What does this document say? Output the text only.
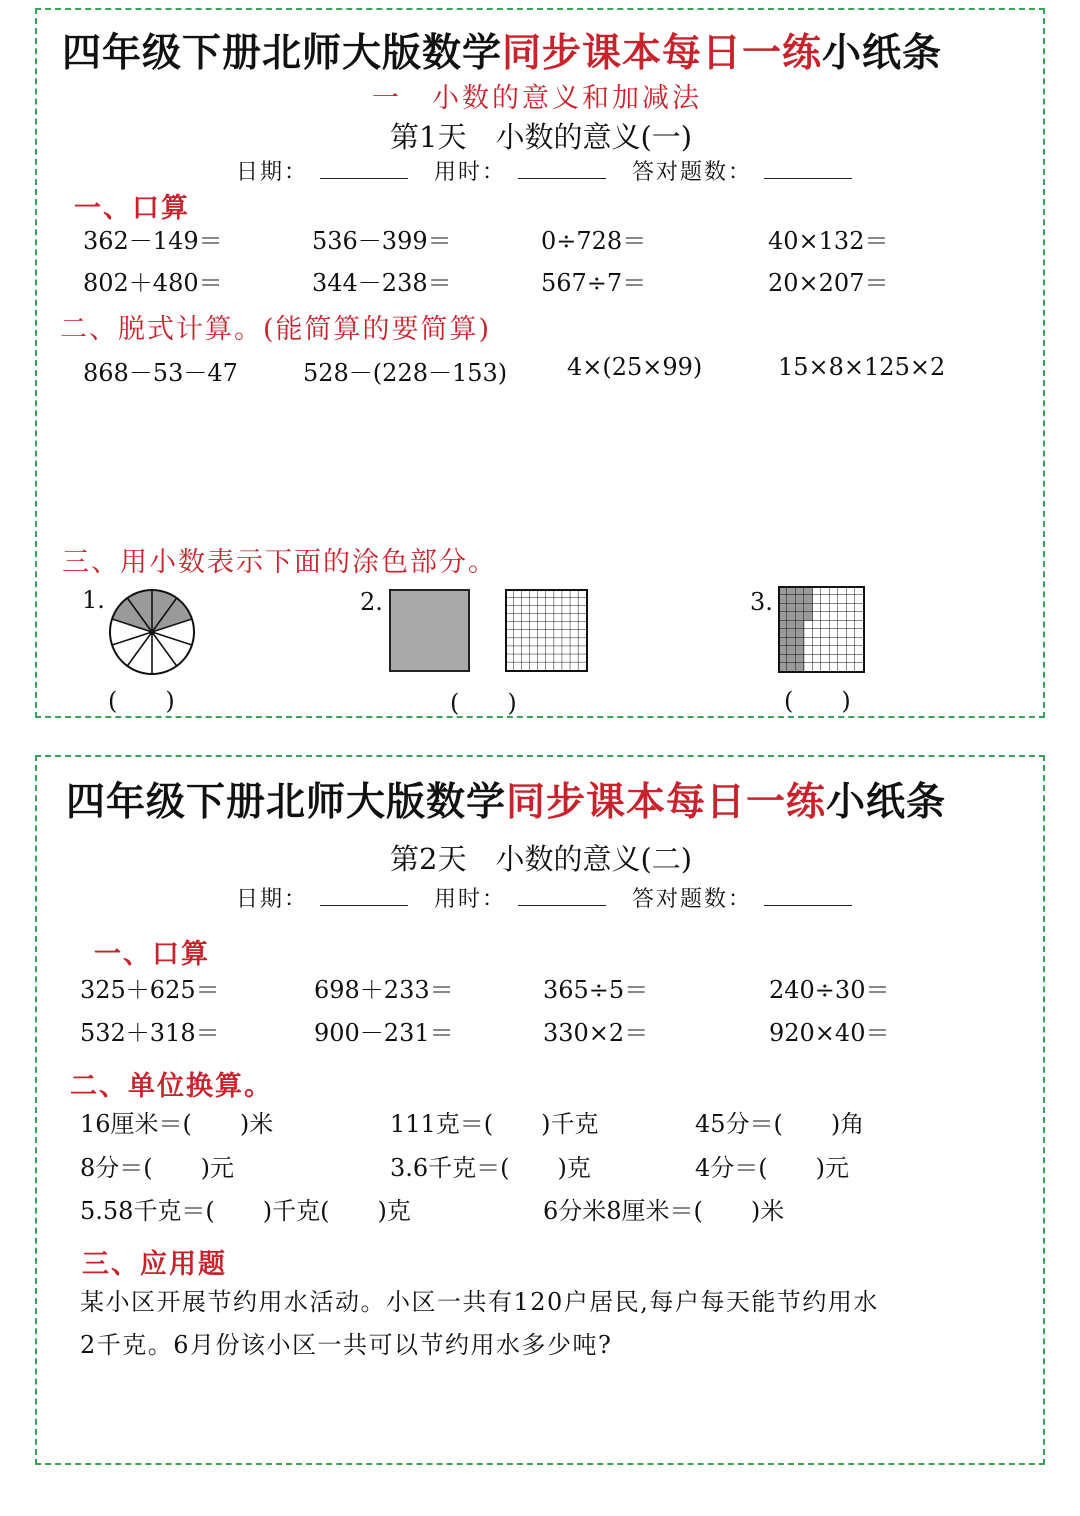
四年级下册北师大版数学同步课本每日一练小纸条
一　小数的意义和加减法
第1天　小数的意义(一)
日期：	用时：	答对题数：
一、口算
362－149＝	536－399＝	0÷728＝	40×132＝
802＋480＝	344－238＝	567÷7＝	20×207＝
二、脱式计算。(能简算的要简算)
868－53－47	528－(228－153) 4×(25×99)	15×8×125×2
三、用小数表示下面的涂色部分。
1.
(　　)
2.
(　　)
3.
(　　)
四年级下册北师大版数学同步课本每日一练小纸条
第2天　小数的意义(二)
日期：	用时：	答对题数：
一、口算
325＋625＝	698＋233＝	365÷5＝	240÷30＝
532＋318＝	900－231＝	330×2＝	920×40＝
二、单位换算。
16厘米＝(　　)米	111克＝(　　)千克	45分＝(　　)角
8分＝(　　)元	3.6千克＝(　　)克	4分＝(　　)元
5.58千克＝(　　)千克(　　)克	6分米8厘米＝(　　)米
三、应用题
某小区开展节约用水活动。小区一共有120户居民,每户每天能节约用水
2千克。6月份该小区一共可以节约用水多少吨?
